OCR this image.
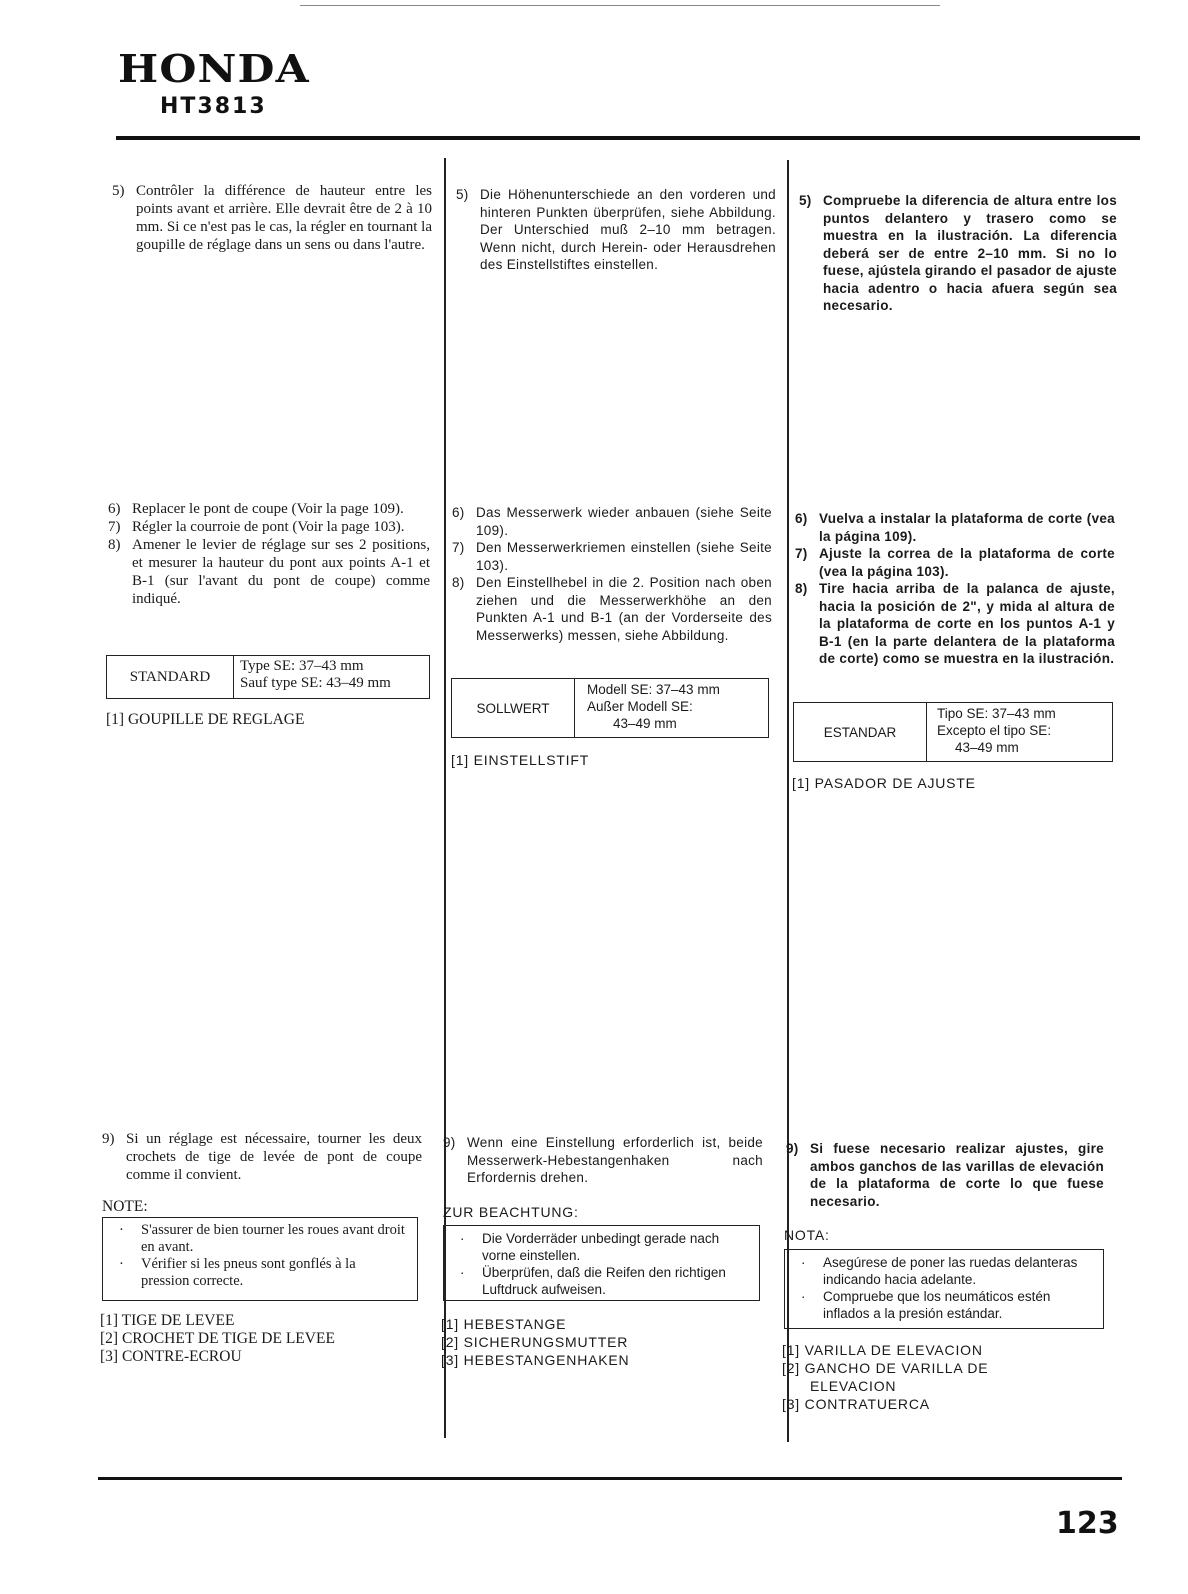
HONDA
HT3813
5) Contrôler la différence de hauteur entre les points avant et arrière. Elle devrait être de 2 à 10 mm. Si ce n'est pas le cas, la régler en tournant la goupille de réglage dans un sens ou dans l'autre.
6) Replacer le pont de coupe (Voir la page 109).
7) Régler la courroie de pont (Voir la page 103).
8) Amener le levier de réglage sur ses 2 positions, et mesurer la hauteur du pont aux points A-1 et B-1 (sur l'avant du pont de coupe) comme indiqué.
STANDARD
Type SE: 37–43 mm
Sauf type SE: 43–49 mm
[1] GOUPILLE DE REGLAGE
9) Si un réglage est nécessaire, tourner les deux crochets de tige de levée de pont de coupe comme il convient.
NOTE:
·	S'assurer de bien tourner les roues avant droit en avant.
·	Vérifier si les pneus sont gonflés à la pression correcte.
[1] TIGE DE LEVEE
[2] CROCHET DE TIGE DE LEVEE
[3] CONTRE-ECROU
5) Die Höhenunterschiede an den vorderen und hinteren Punkten überprüfen, siehe Abbildung. Der Unterschied muß 2–10 mm betragen. Wenn nicht, durch Herein- oder Herausdrehen des Einstellstiftes einstellen.
6) Das Messerwerk wieder anbauen (siehe Seite 109).
7) Den Messerwerkriemen einstellen (siehe Seite 103).
8) Den Einstellhebel in die 2. Position nach oben ziehen und die Messerwerkhöhe an den Punkten A-1 und B-1 (an der Vorderseite des Messerwerks) messen, siehe Abbildung.
SOLLWERT
Modell SE: 37–43 mm
Außer Modell SE:
43–49 mm
[1] EINSTELLSTIFT
9) Wenn eine Einstellung erforderlich ist, beide Messerwerk-Hebestangenhaken nach Erfordernis drehen.
ZUR BEACHTUNG:
·	Die Vorderräder unbedingt gerade nach vorne einstellen.
·	Überprüfen, daß die Reifen den richtigen Luftdruck aufweisen.
[1] HEBESTANGE
[2] SICHERUNGSMUTTER
[3] HEBESTANGENHAKEN
5) Compruebe la diferencia de altura entre los puntos delantero y trasero como se muestra en la ilustración. La diferencia deberá ser de entre 2–10 mm. Si no lo fuese, ajústela girando el pasador de ajuste hacia adentro o hacia afuera según sea necesario.
6) Vuelva a instalar la plataforma de corte (vea la página 109).
7) Ajuste la correa de la plataforma de corte (vea la página 103).
8) Tire hacia arriba de la palanca de ajuste, hacia la posición de 2", y mida al altura de la plataforma de corte en los puntos A-1 y B-1 (en la parte delantera de la plataforma de corte) como se muestra en la ilustración.
ESTANDAR
Tipo SE: 37–43 mm
Excepto el tipo SE:
43–49 mm
[1] PASADOR DE AJUSTE
9) Si fuese necesario realizar ajustes, gire ambos ganchos de las varillas de elevación de la plataforma de corte lo que fuese necesario.
NOTA:
·	Asegúrese de poner las ruedas delanteras indicando hacia adelante.
·	Compruebe que los neumáticos estén inflados a la presión estándar.
[1] VARILLA DE ELEVACION
[2] GANCHO DE VARILLA DE
ELEVACION
[3] CONTRATUERCA
123
